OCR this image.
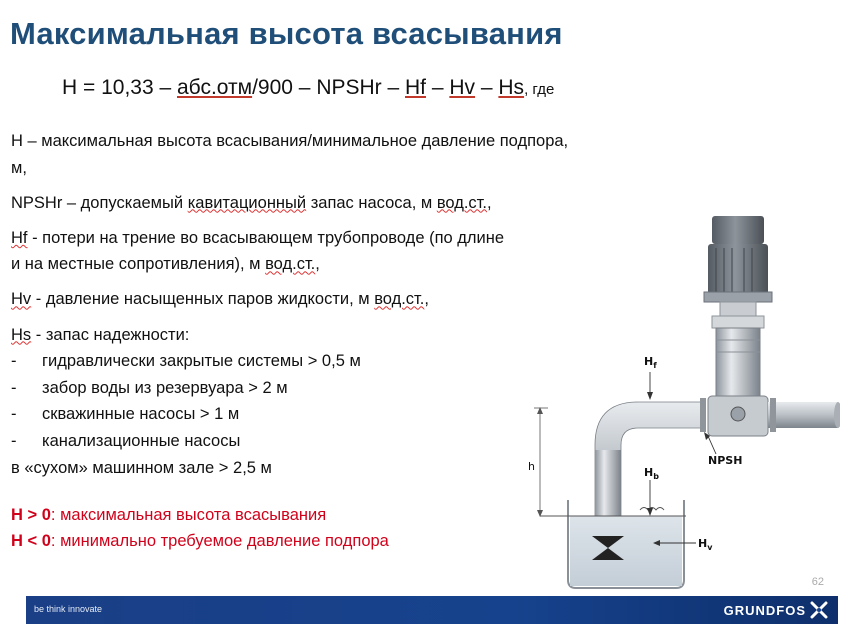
Максимальная высота всасывания
H = 10,33 – абс.отм/900 – NPSHr – Hf – Hv – Hs, где
H – максимальная высота всасывания/минимальное давление подпора,
м,
NPSHr – допускаемый кавитационный запас насоса, м вод.ст.,
Hf - потери на трение во всасывающем трубопроводе (по длине
и на местные сопротивления), м вод.ст.,
Hv - давление насыщенных паров жидкости, м вод.ст.,
Hs - запас надежности:
-	гидравлически закрытые системы > 0,5 м
-	забор воды из резервуара > 2 м
-	скважинные насосы > 1 м
-	канализационные насосы
в «сухом» машинном зале > 2,5 м
H > 0: максимальная высота всасывания
H < 0: минимально требуемое давление подпора
h
$H_f$
NPSH
$H_b$
$H_v$
62
be think innovate	GRUNDFOS
